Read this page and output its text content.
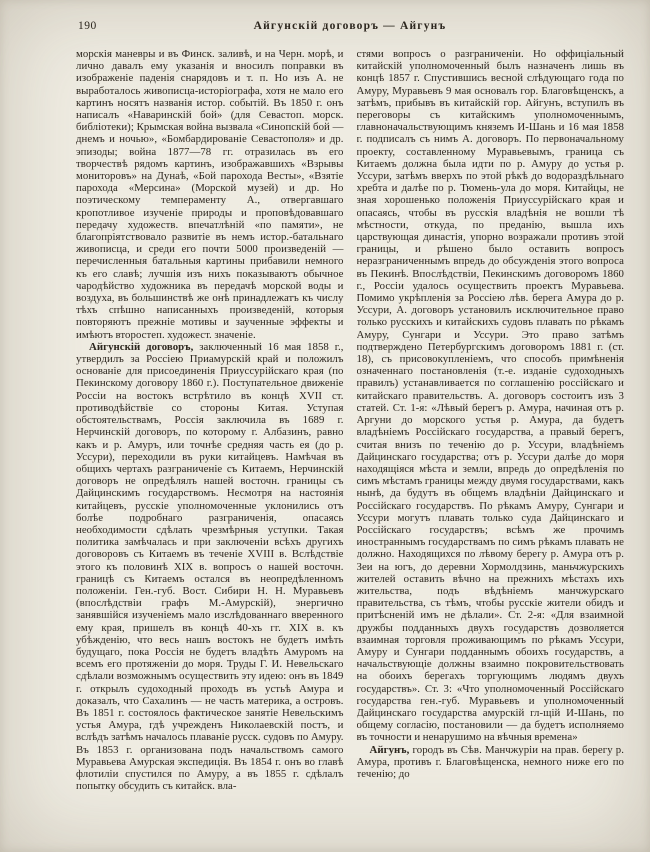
190	Айгунскій договоръ — Айгунъ

морскія маневры и въ Финск. заливѣ, и на Черн. морѣ, и лично давалъ ему указанія и вносилъ поправки въ изображеніе паденія снарядовъ и т. п. Но изъ А. не выработалось живописца-исторіографа, хотя не мало его картинъ носятъ названія истор. событій. Въ 1850 г. онъ написалъ «Наваринскій бой» (для Севастоп. морск. библіотеки); Крымская война вызвала «Синопскій бой — днемъ и ночью», «Бомбардированіе Севастополя» и др. эпизоды; война 1877—78 гг. отразилась въ его творчествѣ рядомъ картинъ, изображавшихъ «Взрывы мониторовъ» на Дунаѣ, «Бой парохода Весты», «Взятіе парохода «Мерсина» (Морской музей) и др. Но поэтическому темпераменту А., отвергавшаго кропотливое изученіе природы и проповѣдовавшаго передачу художеств. впечатлѣній «по памяти», не благопріятствовало развитіе въ немъ истор.-батальнаго живописца, и среди его почти 5000 произведеній — перечисленныя батальныя картины прибавили немного къ его славѣ; лучшія изъ нихъ показываютъ обычное чародѣйство художника въ передачѣ морской воды и воздуха, въ большинствѣ же онѣ принадлежатъ къ числу тѣхъ спѣшно написанныхъ произведеній, которыя повторяютъ прежніе мотивы и заученные эффекты и имѣютъ второстеп. художест. значеніе.

Айгунскій договоръ, заключенный 16 мая 1858 г., утвердилъ за Россіею Приамурскій край и положилъ основаніе для присоединенія Приуссурійскаго края (по Пекинскому договору 1860 г.). Поступательное движеніе Россіи на востокъ встрѣтило въ концѣ XVII ст. противодѣйствіе со стороны Китая. Уступая обстоятельствамъ, Россія заключила въ 1689 г. Нерчинскій договоръ, по которому г. Албазинъ, равно какъ и р. Амуръ, или точнѣе средняя часть ея (до р. Уссури), переходили въ руки китайцевъ. Намѣчая въ общихъ чертахъ разграниченіе съ Китаемъ, Нерчинскій договоръ не опредѣлялъ нашей восточн. границы съ Дайцинскимъ государствомъ. Несмотря на настоянія китайцевъ, русскіе уполномоченные уклонились отъ болѣе подробнаго разграниченія, опасаясь необходимости сдѣлать чрезмѣрныя уступки. Такая политика замѣчалась и при заключеніи всѣхъ другихъ договоровъ съ Китаемъ въ теченіе XVIII в. Вслѣдствіе этого къ половинѣ XIX в. вопросъ о нашей восточн. границѣ съ Китаемъ остался въ неопредѣленномъ положеніи. Ген.-губ. Вост. Сибири Н. Н. Муравьевъ (впослѣдствіи графъ М.-Амурскій), энергично занявшійся изученіемъ мало изслѣдованнаго вверенного ему края, пришелъ въ концѣ 40-хъ гг. XIX в. къ убѣжденію, что весь нашъ востокъ не будетъ имѣть будущаго, пока Россія не будетъ владѣть Амуромъ на всемъ его протяженіи до моря. Труды Г. И. Невельскаго сдѣлали возможнымъ осуществить эту идею: онъ въ 1849 г. открылъ судоходный проходъ въ устьѣ Амура и доказалъ, что Сахалинъ — не часть материка, а островъ. Въ 1851 г. состоялось фактическое занятіе Невельскимъ устья Амура, гдѣ учрежденъ Николаевскій постъ, и вслѣдъ затѣмъ началось плаваніе русск. судовъ по Амуру. Въ 1853 г. организована подъ начальствомъ самого Муравьева Амурская экспедиція. Въ 1854 г. онъ во главѣ флотиліи спустился по Амуру, а въ 1855 г. сдѣлалъ попытку обсудить съ китайск. вла-

стями вопросъ о разграниченіи. Но оффиціальный китайскій уполномоченный былъ назначенъ лишь въ концѣ 1857 г. Спустившись весной слѣдующаго года по Амуру, Муравьевъ 9 мая основалъ гор. Благовѣщенскъ, а затѣмъ, прибывъ въ китайскій гор. Айгунъ, вступилъ въ переговоры съ китайскимъ уполномоченнымъ, главноначальствующимъ княземъ И-Шань и 16 мая 1858 г. подписалъ съ нимъ А. договоръ. По первоначальному проекту, составленному Муравьевымъ, граница съ Китаемъ должна была идти по р. Амуру до устья р. Уссури, затѣмъ вверхъ по этой рѣкѣ до водораздѣльнаго хребта и далѣе по р. Тюмень-ула до моря. Китайцы, не зная хорошенько положенія Приуссурійскаго края и опасаясь, чтобы въ русскія владѣнія не вошли тѣ мѣстности, откуда, по преданію, вышла ихъ царствующая династія, упорно возражали противъ этой границы, и рѣшено было оставить вопросъ неразграниченнымъ впредь до обсужденія этого вопроса въ Пекинѣ. Впослѣдствіи, Пекинскимъ договоромъ 1860 г., Россіи удалось осуществить проектъ Муравьева. Помимо укрѣпленія за Россіею лѣв. берега Амура до р. Уссури, А. договоръ установилъ исключительное право только русскихъ и китайскихъ судовъ плавать по рѣкамъ Амуру, Сунгари и Уссури. Это право затѣмъ подтверждено Петербургскимъ договоромъ 1881 г. (ст. 18), съ присовокупленіемъ, что способъ примѣненія означеннаго постановленія (т.-е. изданіе судоходныхъ правилъ) устанавливается по соглашенію россійскаго и китайскаго правительствъ. А. договоръ состоитъ изъ 3 статей. Ст. 1-я: «Лѣвый берегъ р. Амура, начиная отъ р. Аргуни до морского устья р. Амура, да будетъ владѣніемъ Россійскаго государства, а правый берегъ, считая внизъ по теченію до р. Уссури, владѣніемъ Дайцинскаго государства; отъ р. Уссури далѣе до моря находящіяся мѣста и земли, впредь до опредѣленія по симъ мѣстамъ границы между двумя государствами, какъ нынѣ, да будутъ въ общемъ владѣніи Дайцинскаго и Россійскаго государствъ. По рѣкамъ Амуру, Сунгари и Уссури могутъ плавать только суда Дайцинскаго и Россійскаго государствъ; всѣмъ же прочимъ иностраннымъ государствамъ по симъ рѣкамъ плавать не должно. Находящихся по лѣвому берегу р. Амура отъ р. Зеи на югъ, до деревни Хормолдзинь, маньчжурскихъ жителей оставить вѣчно на прежнихъ мѣстахъ ихъ жительства, подъ вѣдѣніемъ манчжурскаго правительства, съ тѣмъ, чтобы русскіе жители обидъ и притѣсненій имъ не дѣлали». Ст. 2-я: «Для взаимной дружбы подданныхъ двухъ государствъ дозволяется взаимная торговля проживающимъ по рѣкамъ Уссури, Амуру и Сунгари подданнымъ обоихъ государствъ, а начальствующіе должны взаимно покровительствовать на обоихъ берегахъ торгующимъ людямъ двухъ государствъ». Ст. 3: «Что уполномоченный Россійскаго государства ген.-губ. Муравьевъ и уполномоченный Дайцинскаго государства амурскій гл-щій И-Шань, по общему согласію, постановили — да будетъ исполняемо въ точности и ненарушимо на вѣчныя времена»

Айгунъ, городъ въ Сѣв. Манчжуріи на прав. берегу р. Амура, противъ г. Благовѣщенска, немного ниже его по теченію; до
